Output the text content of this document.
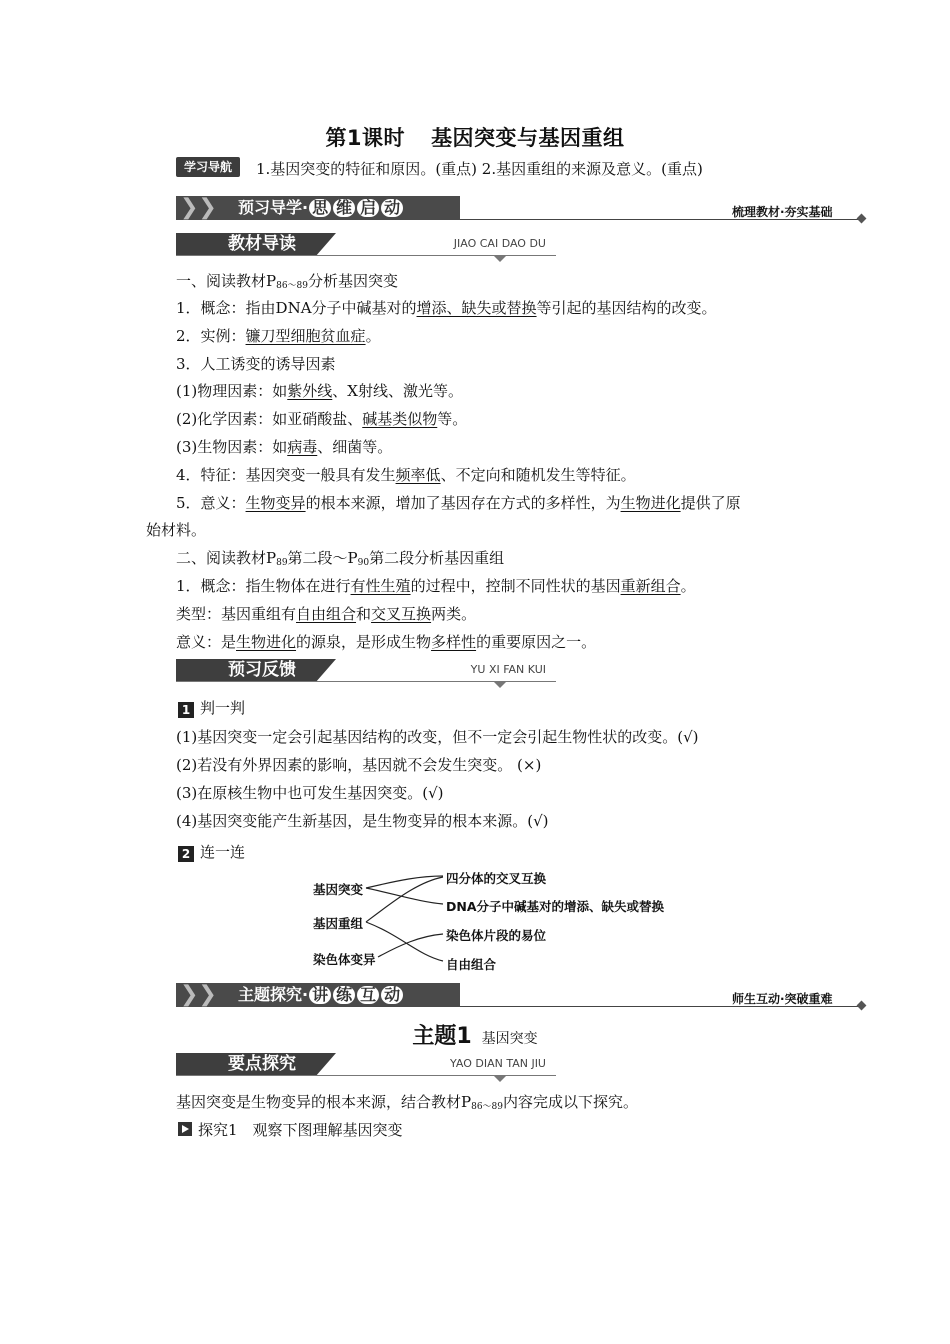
第1课时 基因突变与基因重组
学习导航	1.基因突变的特征和原因。(重点) 2.基因重组的来源及意义。(重点)
❯❯ 预习导学· 思 维 启 动	梳理教材·夯实基础
教材导读	JIAO CAI DAO DU
一、阅读教材$P_{86\sim 89}$分析基因突变
1．概念：指由DNA分子中碱基对的增添、缺失或替换等引起的基因结构的改变。
2．实例：镰刀型细胞贫血症。
3．人工诱变的诱导因素
(1)物理因素：如紫外线、X射线、激光等。
(2)化学因素：如亚硝酸盐、碱基类似物等。
(3)生物因素：如病毒、细菌等。
4．特征：基因突变一般具有发生频率低、不定向和随机发生等特征。
5．意义：生物变异的根本来源，增加了基因存在方式的多样性，为生物进化提供了原
始材料。
二、阅读教材$P_{89}$第二段$\sim P_{90}$第二段分析基因重组
1．概念：指生物体在进行有性生殖的过程中，控制不同性状的基因重新组合。
类型：基因重组有自由组合和交叉互换两类。
意义：是生物进化的源泉，是形成生物多样性的重要原因之一。
预习反馈	YU XI FAN KUI
1 判一判
(1)基因突变一定会引起基因结构的改变，但不一定会引起生物性状的改变。(√)
(2)若没有外界因素的影响，基因就不会发生突变。 (×)
(3)在原核生物中也可发生基因突变。(√)
(4)基因突变能产生新基因，是生物变异的根本来源。(√)
2 连一连
基因突变
基因重组
染色体变异
四分体的交叉互换
DNA分子中碱基对的增添、缺失或替换
染色体片段的易位
自由组合
❯❯ 主题探究· 讲 练 互 动	师生互动·突破重难
主题1 基因突变
要点探究	YAO DIAN TAN JIU
基因突变是生物变异的根本来源，结合教材$P_{86\sim 89}$内容完成以下探究。
探究1　观察下图理解基因突变
